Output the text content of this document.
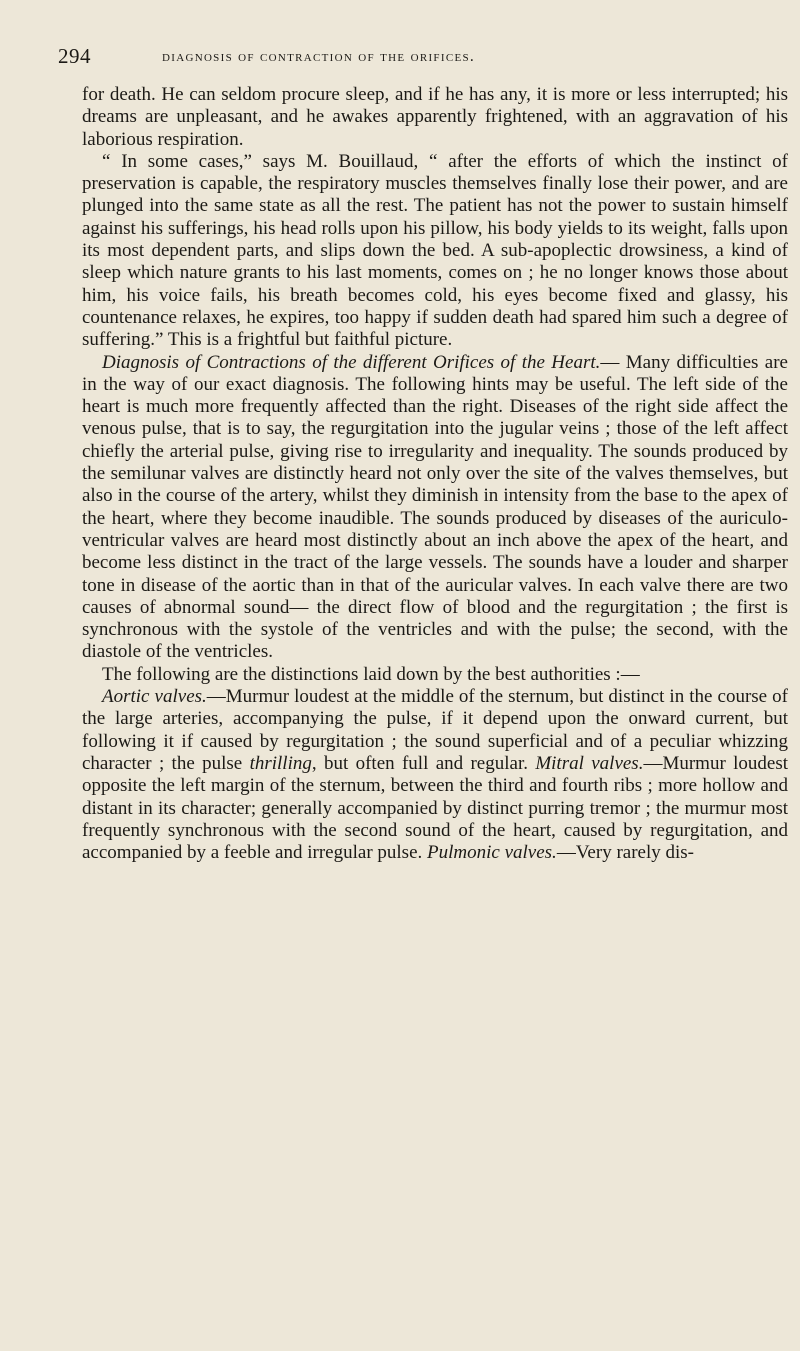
294	diagnosis of contraction of the orifices.

for death. He can seldom procure sleep, and if he has any, it is more or less interrupted; his dreams are unpleasant, and he awakes apparently frightened, with an aggravation of his laborious respiration.

“ In some cases,” says M. Bouillaud, “ after the efforts of which the instinct of preservation is capable, the respiratory muscles themselves finally lose their power, and are plunged into the same state as all the rest. The patient has not the power to sustain himself against his sufferings, his head rolls upon his pillow, his body yields to its weight, falls upon its most dependent parts, and slips down the bed. A sub-apoplectic drowsiness, a kind of sleep which nature grants to his last moments, comes on ; he no longer knows those about him, his voice fails, his breath becomes cold, his eyes become fixed and glassy, his countenance relaxes, he expires, too happy if sudden death had spared him such a degree of suffering.” This is a frightful but faithful picture.

Diagnosis of Contractions of the different Orifices of the Heart.— Many difficulties are in the way of our exact diagnosis. The following hints may be useful. The left side of the heart is much more frequently affected than the right. Diseases of the right side affect the venous pulse, that is to say, the regurgitation into the jugular veins ; those of the left affect chiefly the arterial pulse, giving rise to irregularity and inequality. The sounds produced by the semilunar valves are distinctly heard not only over the site of the valves themselves, but also in the course of the artery, whilst they diminish in intensity from the base to the apex of the heart, where they become inaudible. The sounds produced by diseases of the auriculo-ventricular valves are heard most distinctly about an inch above the apex of the heart, and become less distinct in the tract of the large vessels. The sounds have a louder and sharper tone in disease of the aortic than in that of the auricular valves. In each valve there are two causes of abnormal sound— the direct flow of blood and the regurgitation ; the first is synchronous with the systole of the ventricles and with the pulse; the second, with the diastole of the ventricles.

The following are the distinctions laid down by the best authorities :—

Aortic valves.—Murmur loudest at the middle of the sternum, but distinct in the course of the large arteries, accompanying the pulse, if it depend upon the onward current, but following it if caused by regurgitation ; the sound superficial and of a peculiar whizzing character ; the pulse thrilling, but often full and regular. Mitral valves.—Murmur loudest opposite the left margin of the sternum, between the third and fourth ribs ; more hollow and distant in its character; generally accompanied by distinct purring tremor ; the murmur most frequently synchronous with the second sound of the heart, caused by regurgitation, and accompanied by a feeble and irregular pulse. Pulmonic valves.—Very rarely dis-
